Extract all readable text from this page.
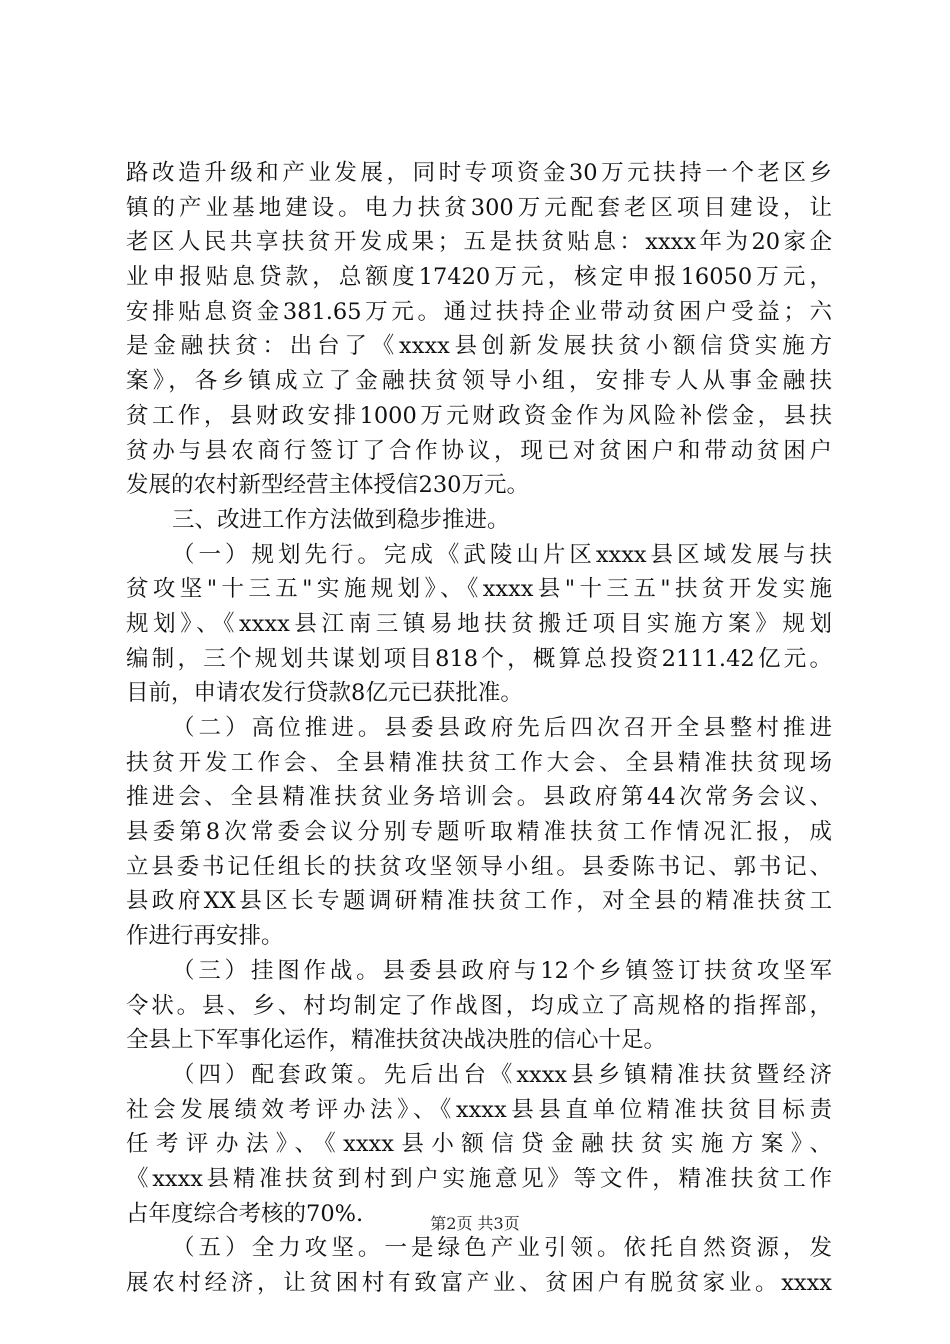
路改造升级和产业发展，同时专项资金30万元扶持一个老区乡
镇的产业基地建设。电力扶贫300万元配套老区项目建设，让
老区人民共享扶贫开发成果；五是扶贫贴息：xxxx年为20家企
业申报贴息贷款，总额度17420万元，核定申报16050万元，
安排贴息资金381.65万元。通过扶持企业带动贫困户受益；六
是金融扶贫：出台了《xxxx县创新发展扶贫小额信贷实施方
案》，各乡镇成立了金融扶贫领导小组，安排专人从事金融扶
贫工作，县财政安排1000万元财政资金作为风险补偿金，县扶
贫办与县农商行签订了合作协议，现已对贫困户和带动贫困户
发展的农村新型经营主体授信230万元。
三、改进工作方法做到稳步推进。
（一）规划先行。完成《武陵山片区xxxx县区域发展与扶
贫攻坚"十三五"实施规划》、《xxxx县"十三五"扶贫开发实施
规划》、《xxxx县江南三镇易地扶贫搬迁项目实施方案》规划
编制，三个规划共谋划项目818个，概算总投资2111.42亿元。
目前，申请农发行贷款8亿元已获批准。
（二）高位推进。县委县政府先后四次召开全县整村推进
扶贫开发工作会、全县精准扶贫工作大会、全县精准扶贫现场
推进会、全县精准扶贫业务培训会。县政府第44次常务会议、
县委第8次常委会议分别专题听取精准扶贫工作情况汇报，成
立县委书记任组长的扶贫攻坚领导小组。县委陈书记、郭书记、
县政府XX县区长专题调研精准扶贫工作，对全县的精准扶贫工
作进行再安排。
（三）挂图作战。县委县政府与12个乡镇签订扶贫攻坚军
令状。县、乡、村均制定了作战图，均成立了高规格的指挥部，
全县上下军事化运作，精准扶贫决战决胜的信心十足。
（四）配套政策。先后出台《xxxx县乡镇精准扶贫暨经济
社会发展绩效考评办法》、《xxxx县县直单位精准扶贫目标责
任考评办法》、《xxxx县小额信贷金融扶贫实施方案》、
《xxxx县精准扶贫到村到户实施意见》等文件，精准扶贫工作
占年度综合考核的70%.
（五）全力攻坚。一是绿色产业引领。依托自然资源，发
展农村经济，让贫困村有致富产业、贫困户有脱贫家业。xxxx
第2页 共3页
